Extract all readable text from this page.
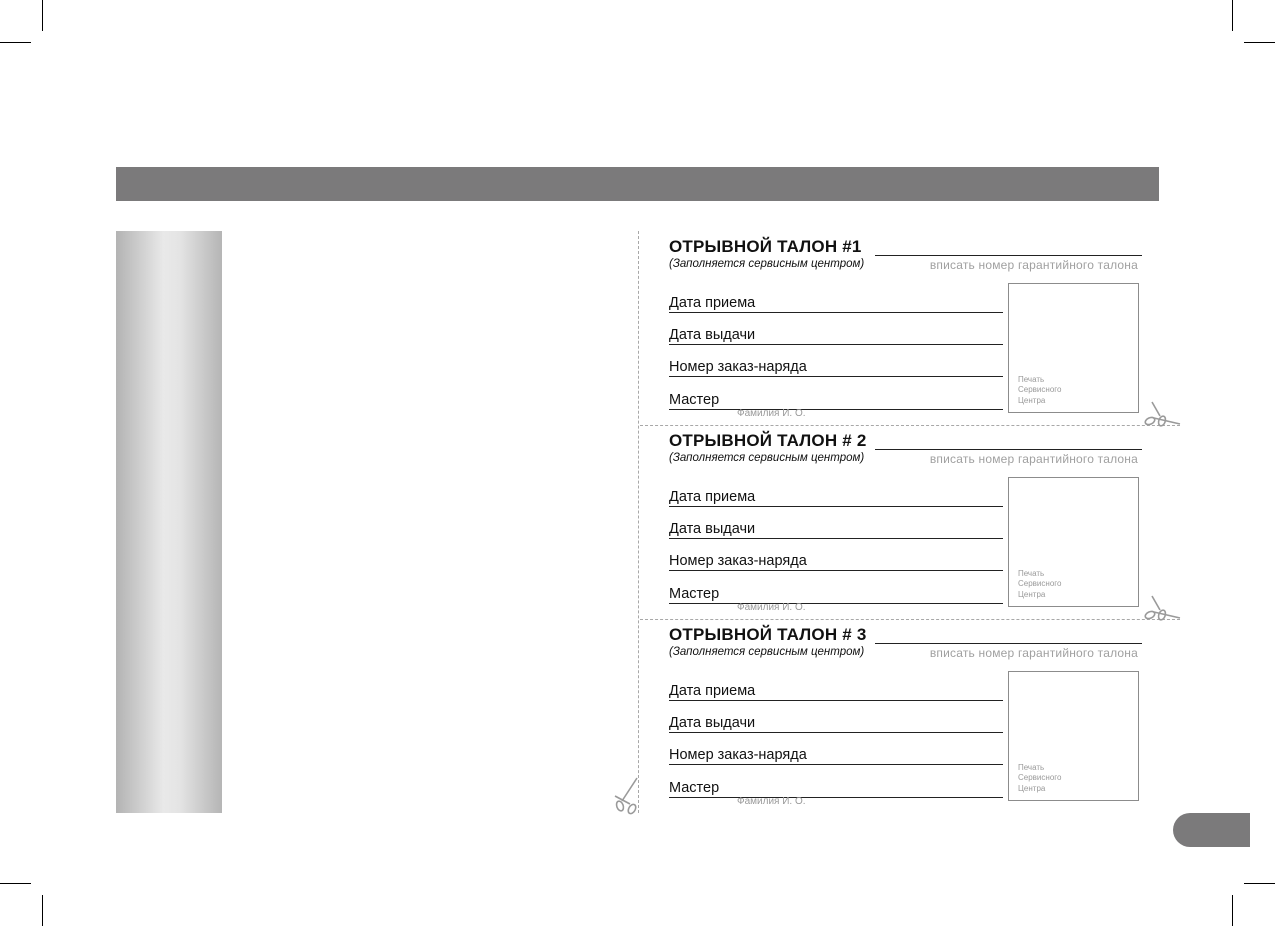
ОТРЫВНОЙ ТАЛОН #1
(Заполняется сервисным центром)	вписать номер гарантийного талона
Дата приема
Дата выдачи
Номер заказ-наряда
Мастер
Фамилия И. О.
Печать
Сервисного
Центра
ОТРЫВНОЙ ТАЛОН # 2
(Заполняется сервисным центром)	вписать номер гарантийного талона
Дата приема
Дата выдачи
Номер заказ-наряда
Мастер
Фамилия И. О.
Печать
Сервисного
Центра
ОТРЫВНОЙ ТАЛОН # 3
(Заполняется сервисным центром)	вписать номер гарантийного талона
Дата приема
Дата выдачи
Номер заказ-наряда
Мастер
Фамилия И. О.
Печать
Сервисного
Центра
